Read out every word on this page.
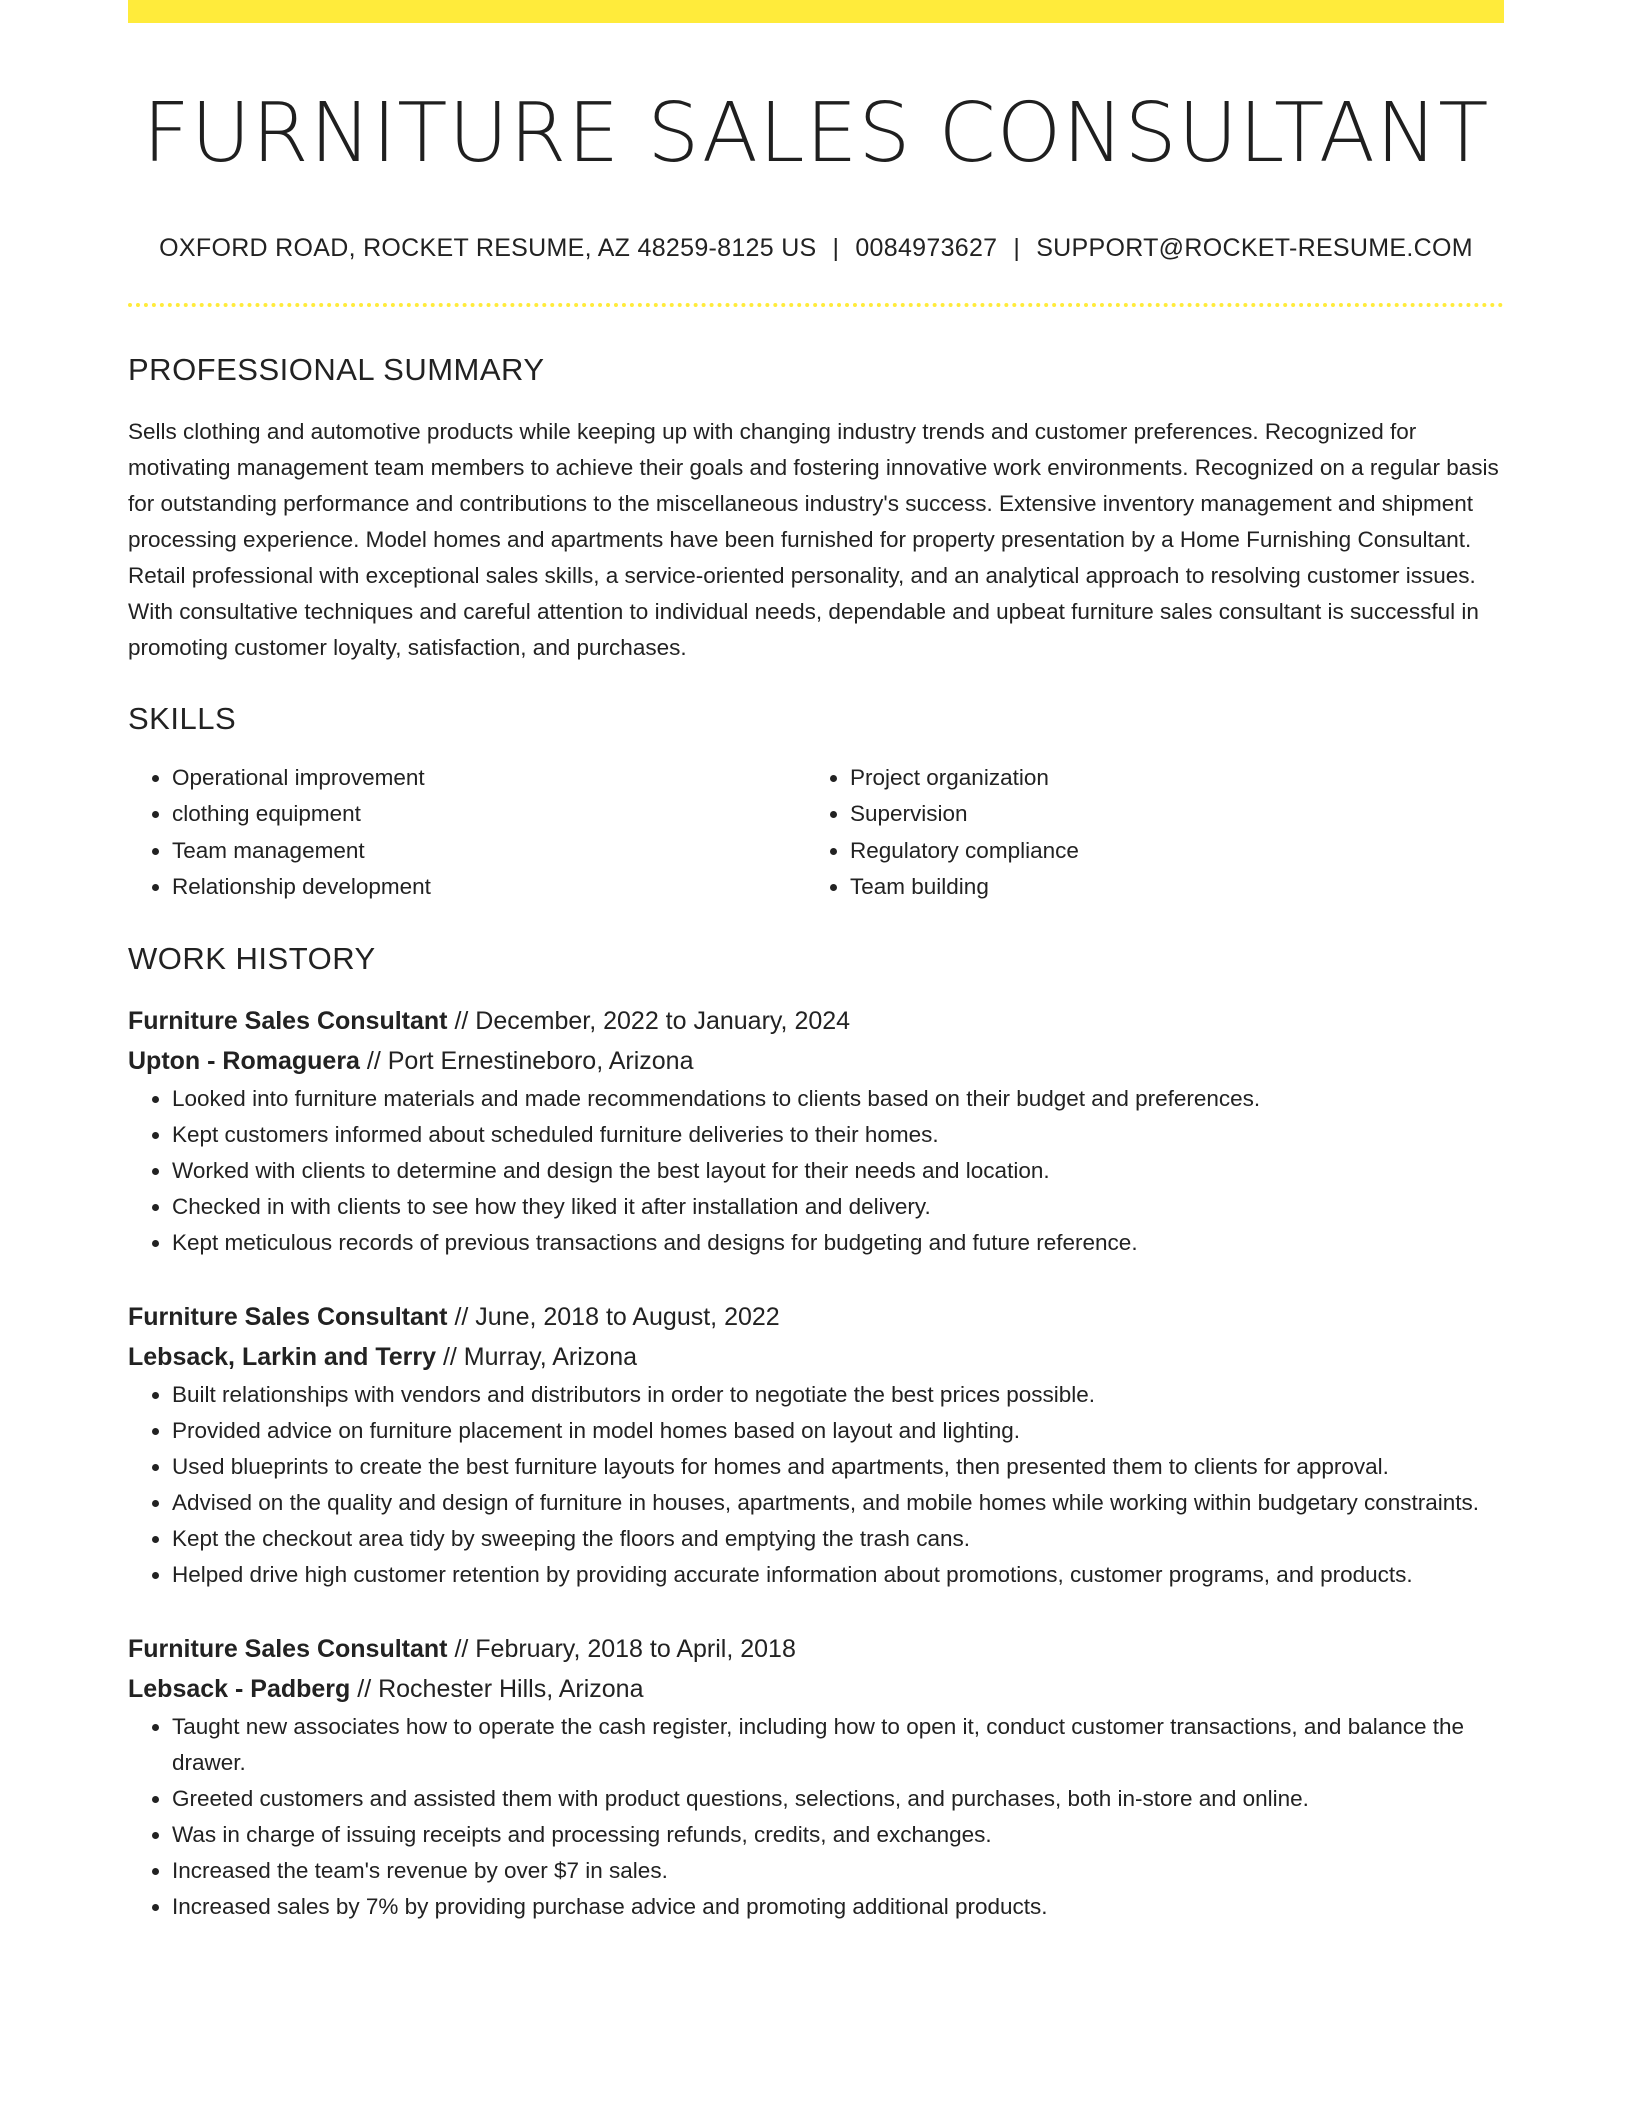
FURNITURE SALES CONSULTANT
OXFORD ROAD, ROCKET RESUME, AZ 48259-8125 US | 0084973627 | SUPPORT@ROCKET-RESUME.COM
PROFESSIONAL SUMMARY

Sells clothing and automotive products while keeping up with changing industry trends and customer preferences. Recognized for motivating management team members to achieve their goals and fostering innovative work environments. Recognized on a regular basis for outstanding performance and contributions to the miscellaneous industry's success. Extensive inventory management and shipment processing experience. Model homes and apartments have been furnished for property presentation by a Home Furnishing Consultant. Retail professional with exceptional sales skills, a service-oriented personality, and an analytical approach to resolving customer issues. With consultative techniques and careful attention to individual needs, dependable and upbeat furniture sales consultant is successful in promoting customer loyalty, satisfaction, and purchases.

SKILLS
• Operational improvement
• clothing equipment
• Team management
• Relationship development
• Project organization
• Supervision
• Regulatory compliance
• Team building
WORK HISTORY
Furniture Sales Consultant // December, 2022 to January, 2024
Upton - Romaguera // Port Ernestineboro, Arizona
• Looked into furniture materials and made recommendations to clients based on their budget and preferences.
• Kept customers informed about scheduled furniture deliveries to their homes.
• Worked with clients to determine and design the best layout for their needs and location.
• Checked in with clients to see how they liked it after installation and delivery.
• Kept meticulous records of previous transactions and designs for budgeting and future reference.
Furniture Sales Consultant // June, 2018 to August, 2022
Lebsack, Larkin and Terry // Murray, Arizona
• Built relationships with vendors and distributors in order to negotiate the best prices possible.
• Provided advice on furniture placement in model homes based on layout and lighting.
• Used blueprints to create the best furniture layouts for homes and apartments, then presented them to clients for approval.
• Advised on the quality and design of furniture in houses, apartments, and mobile homes while working within budgetary constraints.
• Kept the checkout area tidy by sweeping the floors and emptying the trash cans.
• Helped drive high customer retention by providing accurate information about promotions, customer programs, and products.
Furniture Sales Consultant // February, 2018 to April, 2018
Lebsack - Padberg // Rochester Hills, Arizona
• Taught new associates how to operate the cash register, including how to open it, conduct customer transactions, and balance the drawer.
• Greeted customers and assisted them with product questions, selections, and purchases, both in-store and online.
• Was in charge of issuing receipts and processing refunds, credits, and exchanges.
• Increased the team's revenue by over $7 in sales.
• Increased sales by 7% by providing purchase advice and promoting additional products.
